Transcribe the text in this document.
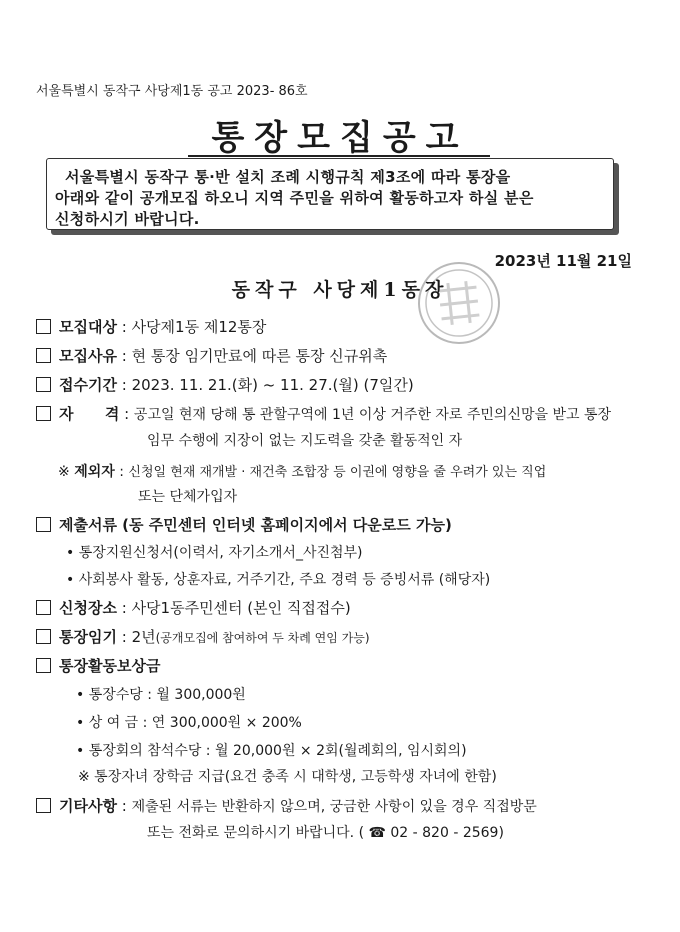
서울특별시 동작구 사당제1동 공고 2023- 86호
통장모집공고
서울특별시 동작구 통·반 설치 조례 시행규칙 제3조에 따라 통장을
아래와 같이 공개모집 하오니 지역 주민을 위하여 활동하고자 하실 분은
신청하시기 바랍니다.
2023년 11월 21일
동작구 사당제1동장
모집대상 : 사당제1동 제12통장
모집사유 : 현 통장 임기만료에 따른 통장 신규위촉
접수기간 : 2023. 11. 21.(화) ~ 11. 27.(월) (7일간)
자      격 : 공고일 현재 당해 통 관할구역에 1년 이상 거주한 자로 주민의신망을 받고 통장
임무 수행에 지장이 없는 지도력을 갖춘 활동적인 자
※ 제외자 : 신청일 현재 재개발 · 재건축 조합장 등 이권에 영향을 줄 우려가 있는 직업
또는 단체가입자
제출서류 (동 주민센터 인터넷 홈페이지에서 다운로드 가능)
• 통장지원신청서(이력서, 자기소개서_사진첨부)
• 사회봉사 활동, 상훈자료, 거주기간, 주요 경력 등 증빙서류 (해당자)
신청장소 : 사당1동주민센터 (본인 직접접수)
통장임기 : 2년(공개모집에 참여하여 두 차례 연임 가능)
통장활동보상금
• 통장수당 : 월 300,000원
• 상 여 금 : 연 300,000원 × 200%
• 통장회의 참석수당 : 월 20,000원 × 2회(월례회의, 임시회의)
※ 통장자녀 장학금 지급(요건 충족 시 대학생, 고등학생 자녀에 한함)
기타사항 : 제출된 서류는 반환하지 않으며, 궁금한 사항이 있을 경우 직접방문
또는 전화로 문의하시기 바랍니다. ( ☎ 02 - 820 - 2569)
